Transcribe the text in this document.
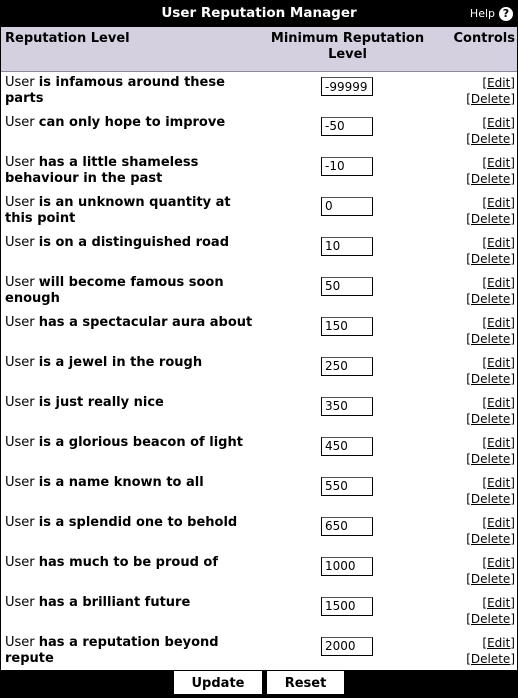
User Reputation Manager	Help ?
Reputation Level	Minimum Reputation Level	Controls
User is infamous around these parts	-99999	[Edit]
[Delete]

User can only hope to improve	-50	[Edit]
[Delete]

User has a little shameless behaviour in the past	-10	[Edit]
[Delete]

User is an unknown quantity at this point	0	[Edit]
[Delete]

User is on a distinguished road	10	[Edit]
[Delete]

User will become famous soon enough	50	[Edit]
[Delete]

User has a spectacular aura about	150	[Edit]
[Delete]

User is a jewel in the rough	250	[Edit]
[Delete]

User is just really nice	350	[Edit]
[Delete]

User is a glorious beacon of light	450	[Edit]
[Delete]

User is a name known to all	550	[Edit]
[Delete]

User is a splendid one to behold	650	[Edit]
[Delete]

User has much to be proud of	1000	[Edit]
[Delete]

User has a brilliant future	1500	[Edit]
[Delete]

User has a reputation beyond repute	2000	[Edit]
[Delete]
Update	Reset
